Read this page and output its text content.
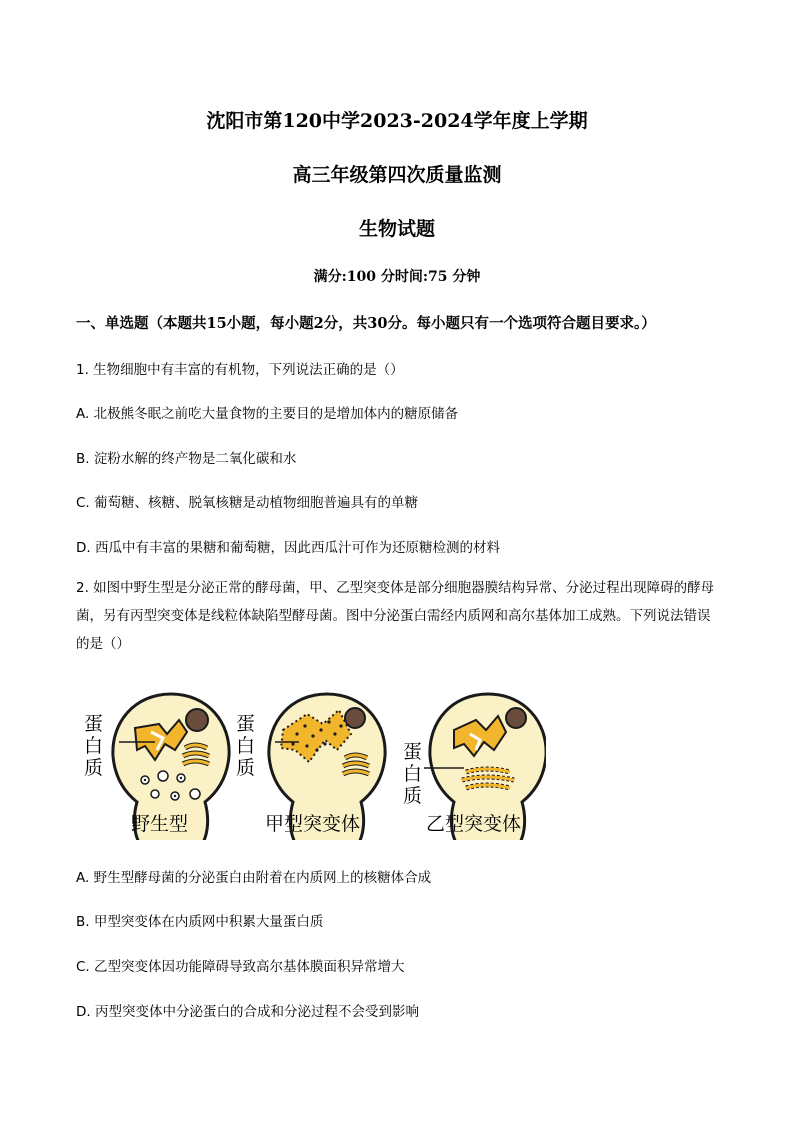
沈阳市第120中学2023-2024学年度上学期
高三年级第四次质量监测
生物试题
满分:100 分时间:75 分钟
一、单选题（本题共15小题，每小题2分，共30分。每小题只有一个选项符合题目要求。）
1. 生物细胞中有丰富的有机物，下列说法正确的是（）
A. 北极熊冬眠之前吃大量食物的主要目的是增加体内的糖原储备
B. 淀粉水解的终产物是二氧化碳和水
C. 葡萄糖、核糖、脱氧核糖是动植物细胞普遍具有的单糖
D. 西瓜中有丰富的果糖和葡萄糖，因此西瓜汁可作为还原糖检测的材料
2. 如图中野生型是分泌正常的酵母菌，甲、乙型突变体是部分细胞器膜结构异常、分泌过程出现障碍的酵母菌，另有丙型突变体是线粒体缺陷型酵母菌。图中分泌蛋白需经内质网和高尔基体加工成熟。下列说法错误的是（）
蛋
白
质
野生型
蛋
白
质
甲型突变体
蛋
白
质
乙型突变体
A. 野生型酵母菌的分泌蛋白由附着在内质网上的核糖体合成
B. 甲型突变体在内质网中积累大量蛋白质
C. 乙型突变体因功能障碍导致高尔基体膜面积异常增大
D. 丙型突变体中分泌蛋白的合成和分泌过程不会受到影响
